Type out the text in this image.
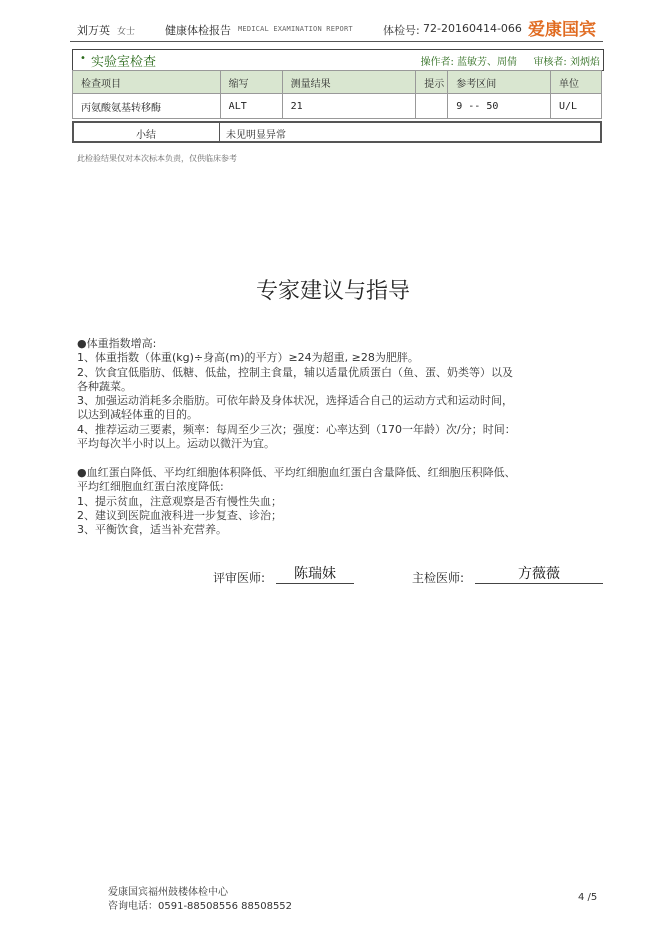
刘万英 女士	健康体检报告 MEDICAL EXAMINATION REPORT	体检号: 72-20160414-066 爱康国宾
• 实验室检查	操作者: 蓝敏芳、周倩 审核者: 刘炳焰
检查项目	缩写	测量结果	提示	参考区间	单位
丙氨酸氨基转移酶	ALT	21		9 -- 50	U/L
小结	未见明显异常
此检验结果仅对本次标本负责，仅供临床参考
专家建议与指导
●体重指数增高:
1、体重指数（体重(kg)÷身高(m)的平方）≥24为超重, ≥28为肥胖。
2、饮食宜低脂肪、低糖、低盐，控制主食量，辅以适量优质蛋白（鱼、蛋、奶类等）以及
各种蔬菜。
3、加强运动消耗多余脂肪。可依年龄及身体状况，选择适合自己的运动方式和运动时间，
以达到减轻体重的目的。
4、推荐运动三要素，频率：每周至少三次；强度：心率达到（170一年龄）次/分；时间：
平均每次半小时以上。运动以微汗为宜。
●血红蛋白降低、平均红细胞体积降低、平均红细胞血红蛋白含量降低、红细胞压积降低、
平均红细胞血红蛋白浓度降低:
1、提示贫血，注意观察是否有慢性失血；
2、建议到医院血液科进一步复查、诊治；
3、平衡饮食，适当补充营养。
评审医师:	陈瑞妹	主检医师:	方薇薇
爱康国宾福州鼓楼体检中心
咨询电话：0591-88508556 88508552
4 /5
